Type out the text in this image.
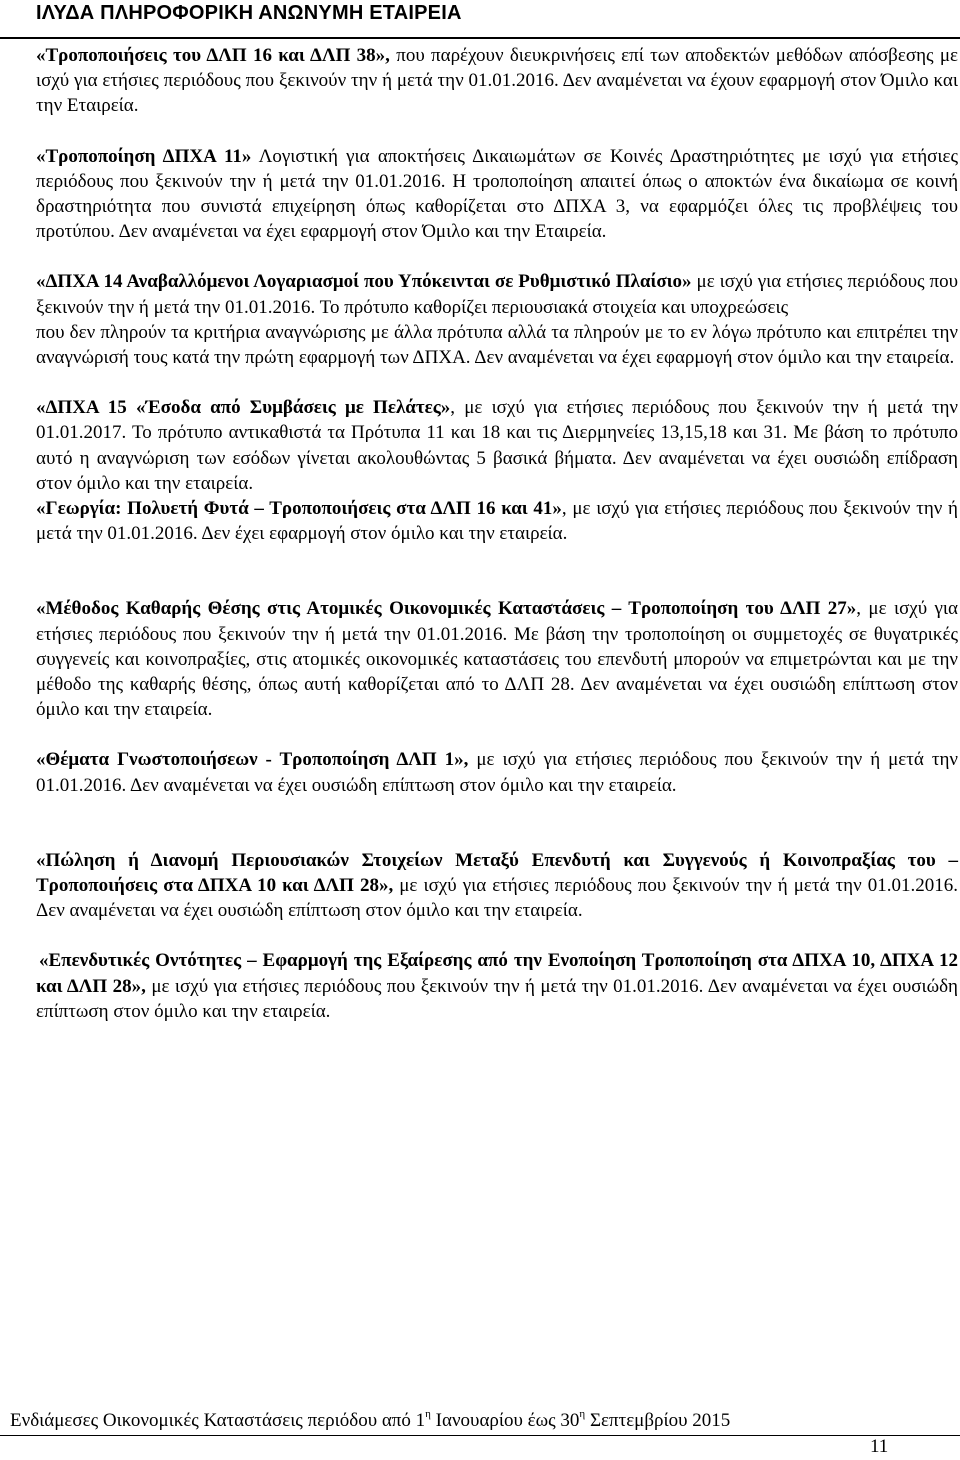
ΙΛΥΔΑ ΠΛΗΡΟΦΟΡΙΚΗ ΑΝΩΝΥΜΗ ΕΤΑΙΡΕΙΑ

«Τροποποιήσεις του ΔΛΠ 16 και ΔΛΠ 38», που παρέχουν διευκρινήσεις επί των αποδεκτών μεθόδων απόσβεσης με ισχύ για ετήσιες περιόδους που ξεκινούν την ή μετά την 01.01.2016. Δεν αναμένεται να έχουν εφαρμογή στον Όμιλο και την Εταιρεία.

«Τροποποίηση ΔΠΧΑ 11» Λογιστική για αποκτήσεις Δικαιωμάτων σε Κοινές Δραστηριότητες με ισχύ για ετήσιες περιόδους που ξεκινούν την ή μετά την 01.01.2016. Η τροποποίηση απαιτεί όπως ο αποκτών ένα δικαίωμα σε κοινή δραστηριότητα που συνιστά επιχείρηση όπως καθορίζεται στο ΔΠΧΑ 3, να εφαρμόζει όλες τις προβλέψεις του προτύπου. Δεν αναμένεται να έχει εφαρμογή στον Όμιλο και την Εταιρεία.

«ΔΠΧΑ 14 Αναβαλλόμενοι Λογαριασμοί που Υπόκεινται σε Ρυθμιστικό Πλαίσιο» με ισχύ για ετήσιες περιόδους που ξεκινούν την ή μετά την 01.01.2016. Το πρότυπο καθορίζει περιουσιακά στοιχεία και υποχρεώσεις
που δεν πληρούν τα κριτήρια αναγνώρισης με άλλα πρότυπα αλλά τα πληρούν με το εν λόγω πρότυπο και επιτρέπει την αναγνώρισή τους κατά την πρώτη εφαρμογή των ΔΠΧΑ. Δεν αναμένεται να έχει εφαρμογή στον όμιλο και την εταιρεία.

«ΔΠΧΑ 15 «Έσοδα από Συμβάσεις με Πελάτες», με ισχύ για ετήσιες περιόδους που ξεκινούν την ή μετά την 01.01.2017. Το πρότυπο αντικαθιστά τα Πρότυπα 11 και 18 και τις Διερμηνείες 13,15,18 και 31. Με βάση το πρότυπο αυτό η αναγνώριση των εσόδων γίνεται ακολουθώντας 5 βασικά βήματα. Δεν αναμένεται να έχει ουσιώδη επίδραση στον όμιλο και την εταιρεία.
«Γεωργία: Πολυετή Φυτά – Τροποποιήσεις στα ΔΛΠ 16 και 41», με ισχύ για ετήσιες περιόδους που ξεκινούν την ή μετά την 01.01.2016. Δεν έχει εφαρμογή στον όμιλο και την εταιρεία.

«Μέθοδος Καθαρής Θέσης στις Ατομικές Οικονομικές Καταστάσεις – Τροποποίηση του ΔΛΠ 27», με ισχύ για ετήσιες περιόδους που ξεκινούν την ή μετά την 01.01.2016. Με βάση την τροποποίηση οι συμμετοχές σε θυγατρικές συγγενείς και κοινοπραξίες, στις ατομικές οικονομικές καταστάσεις του επενδυτή μπορούν να επιμετρώνται και με την μέθοδο της καθαρής θέσης, όπως αυτή καθορίζεται από το ΔΛΠ 28. Δεν αναμένεται να έχει ουσιώδη επίπτωση στον όμιλο και την εταιρεία.

«Θέματα Γνωστοποιήσεων - Τροποποίηση ΔΛΠ 1», με ισχύ για ετήσιες περιόδους που ξεκινούν την ή μετά την 01.01.2016. Δεν αναμένεται να έχει ουσιώδη επίπτωση στον όμιλο και την εταιρεία.

«Πώληση ή Διανομή Περιουσιακών Στοιχείων Μεταξύ Επενδυτή και Συγγενούς ή Κοινοπραξίας του – Τροποποιήσεις στα ΔΠΧΑ 10 και ΔΛΠ 28», με ισχύ για ετήσιες περιόδους που ξεκινούν την ή μετά την 01.01.2016. Δεν αναμένεται να έχει ουσιώδη επίπτωση στον όμιλο και την εταιρεία.

«Επενδυτικές Οντότητες – Εφαρμογή της Εξαίρεσης από την Ενοποίηση Τροποποίηση στα ΔΠΧΑ 10, ΔΠΧΑ 12 και ΔΛΠ 28», με ισχύ για ετήσιες περιόδους που ξεκινούν την ή μετά την 01.01.2016. Δεν αναμένεται να έχει ουσιώδη επίπτωση στον όμιλο και την εταιρεία.

Ενδιάμεσες Οικονομικές Καταστάσεις περιόδου από $1^\eta$ Ιανουαρίου έως $30^\eta$ Σεπτεμβρίου 2015
11
